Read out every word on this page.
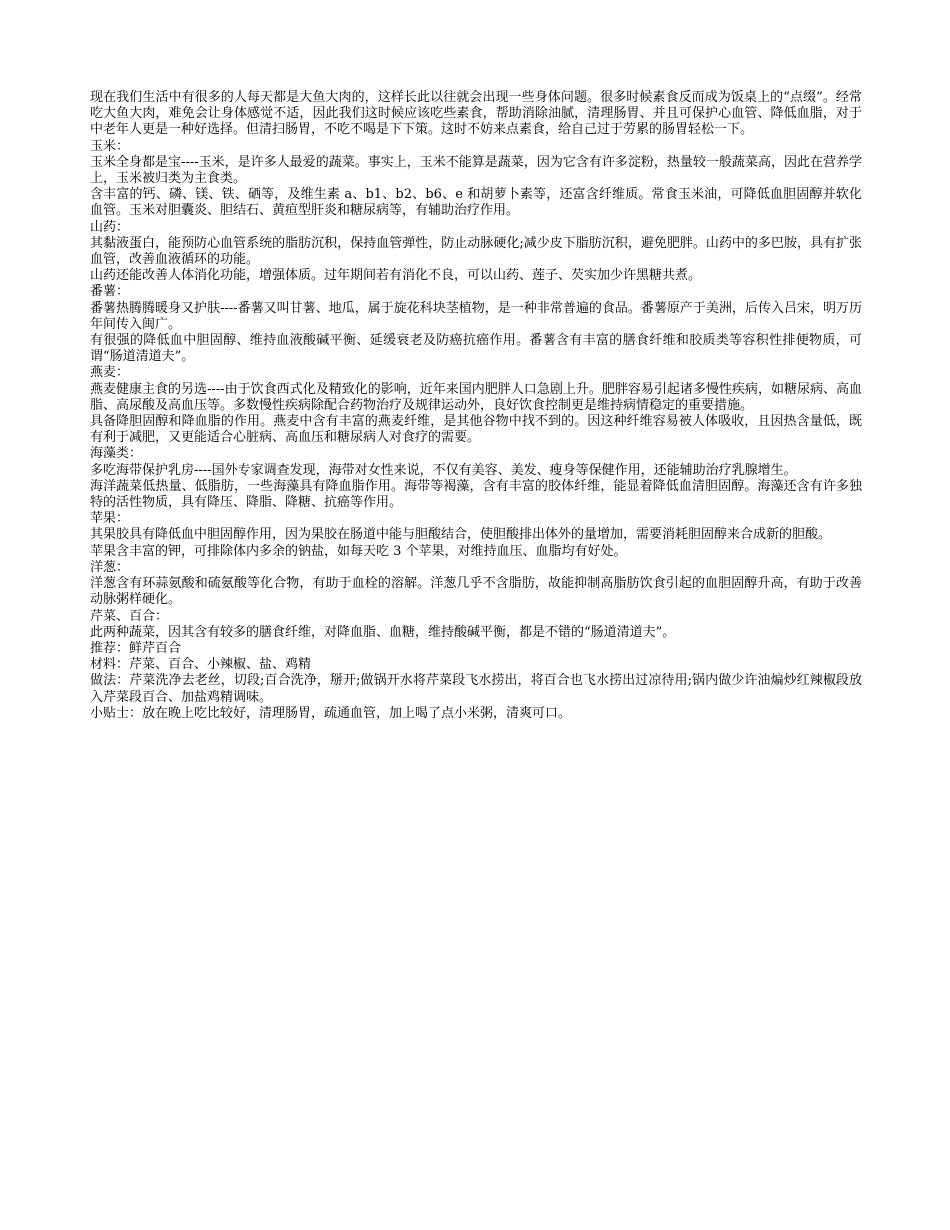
现在我们生活中有很多的人每天都是大鱼大肉的，这样长此以往就会出现一些身体问题。很多时候素食反而成为饭桌上的“点缀”。经常吃大鱼大肉，难免会让身体感觉不适，因此我们这时候应该吃些素食，帮助消除油腻，清理肠胃、并且可保护心血管、降低血脂，对于中老年人更是一种好选择。但清扫肠胃，不吃不喝是下下策。这时不妨来点素食，给自己过于劳累的肠胃轻松一下。

玉米：

玉米全身都是宝----玉米，是许多人最爱的蔬菜。事实上，玉米不能算是蔬菜，因为它含有许多淀粉，热量较一般蔬菜高，因此在营养学上，玉米被归类为主食类。

含丰富的钙、磷、镁、铁、硒等，及维生素 a、b1、b2、b6、e 和胡萝卜素等，还富含纤维质。常食玉米油，可降低血胆固醇并软化血管。玉米对胆囊炎、胆结石、黄疸型肝炎和糖尿病等，有辅助治疗作用。

山药：

其黏液蛋白，能预防心血管系统的脂肪沉积，保持血管弹性，防止动脉硬化;减少皮下脂肪沉积，避免肥胖。山药中的多巴胺，具有扩张血管，改善血液循环的功能。

山药还能改善人体消化功能，增强体质。过年期间若有消化不良，可以山药、莲子、芡实加少许黑糖共煮。

番薯：

番薯热腾腾暖身又护肤----番薯又叫甘薯、地瓜，属于旋花科块茎植物，是一种非常普遍的食品。番薯原产于美洲，后传入吕宋，明万历年间传入闽广。

有很强的降低血中胆固醇、维持血液酸碱平衡、延缓衰老及防癌抗癌作用。番薯含有丰富的膳食纤维和胶质类等容积性排便物质，可谓“肠道清道夫”。

燕麦：

燕麦健康主食的另选----由于饮食西式化及精致化的影响，近年来国内肥胖人口急剧上升。肥胖容易引起诸多慢性疾病，如糖尿病、高血脂、高尿酸及高血压等。多数慢性疾病除配合药物治疗及规律运动外，良好饮食控制更是维持病情稳定的重要措施。

具备降胆固醇和降血脂的作用。燕麦中含有丰富的燕麦纤维，是其他谷物中找不到的。因这种纤维容易被人体吸收，且因热含量低，既有利于减肥，又更能适合心脏病、高血压和糖尿病人对食疗的需要。

海藻类：

多吃海带保护乳房----国外专家调查发现，海带对女性来说，不仅有美容、美发、瘦身等保健作用，还能辅助治疗乳腺增生。

海洋蔬菜低热量、低脂肪，一些海藻具有降血脂作用。海带等褐藻，含有丰富的胶体纤维，能显着降低血清胆固醇。海藻还含有许多独特的活性物质，具有降压、降脂、降糖、抗癌等作用。

苹果：

其果胶具有降低血中胆固醇作用，因为果胶在肠道中能与胆酸结合，使胆酸排出体外的量增加，需要消耗胆固醇来合成新的胆酸。

苹果含丰富的钾，可排除体内多余的钠盐，如每天吃 3 个苹果，对维持血压、血脂均有好处。

洋葱：

洋葱含有环蒜氨酸和硫氨酸等化合物，有助于血栓的溶解。洋葱几乎不含脂肪，故能抑制高脂肪饮食引起的血胆固醇升高，有助于改善动脉粥样硬化。

芹菜、百合：

此两种蔬菜，因其含有较多的膳食纤维，对降血脂、血糖，维持酸碱平衡，都是不错的“肠道清道夫”。

推荐：鲜芹百合

材料：芹菜、百合、小辣椒、盐、鸡精

做法：芹菜洗净去老丝，切段;百合洗净，掰开;做锅开水将芹菜段飞水捞出，将百合也飞水捞出过凉待用;锅内做少许油煸炒红辣椒段放入芹菜段百合、加盐鸡精调味。

小贴士：放在晚上吃比较好，清理肠胃，疏通血管，加上喝了点小米粥，清爽可口。
